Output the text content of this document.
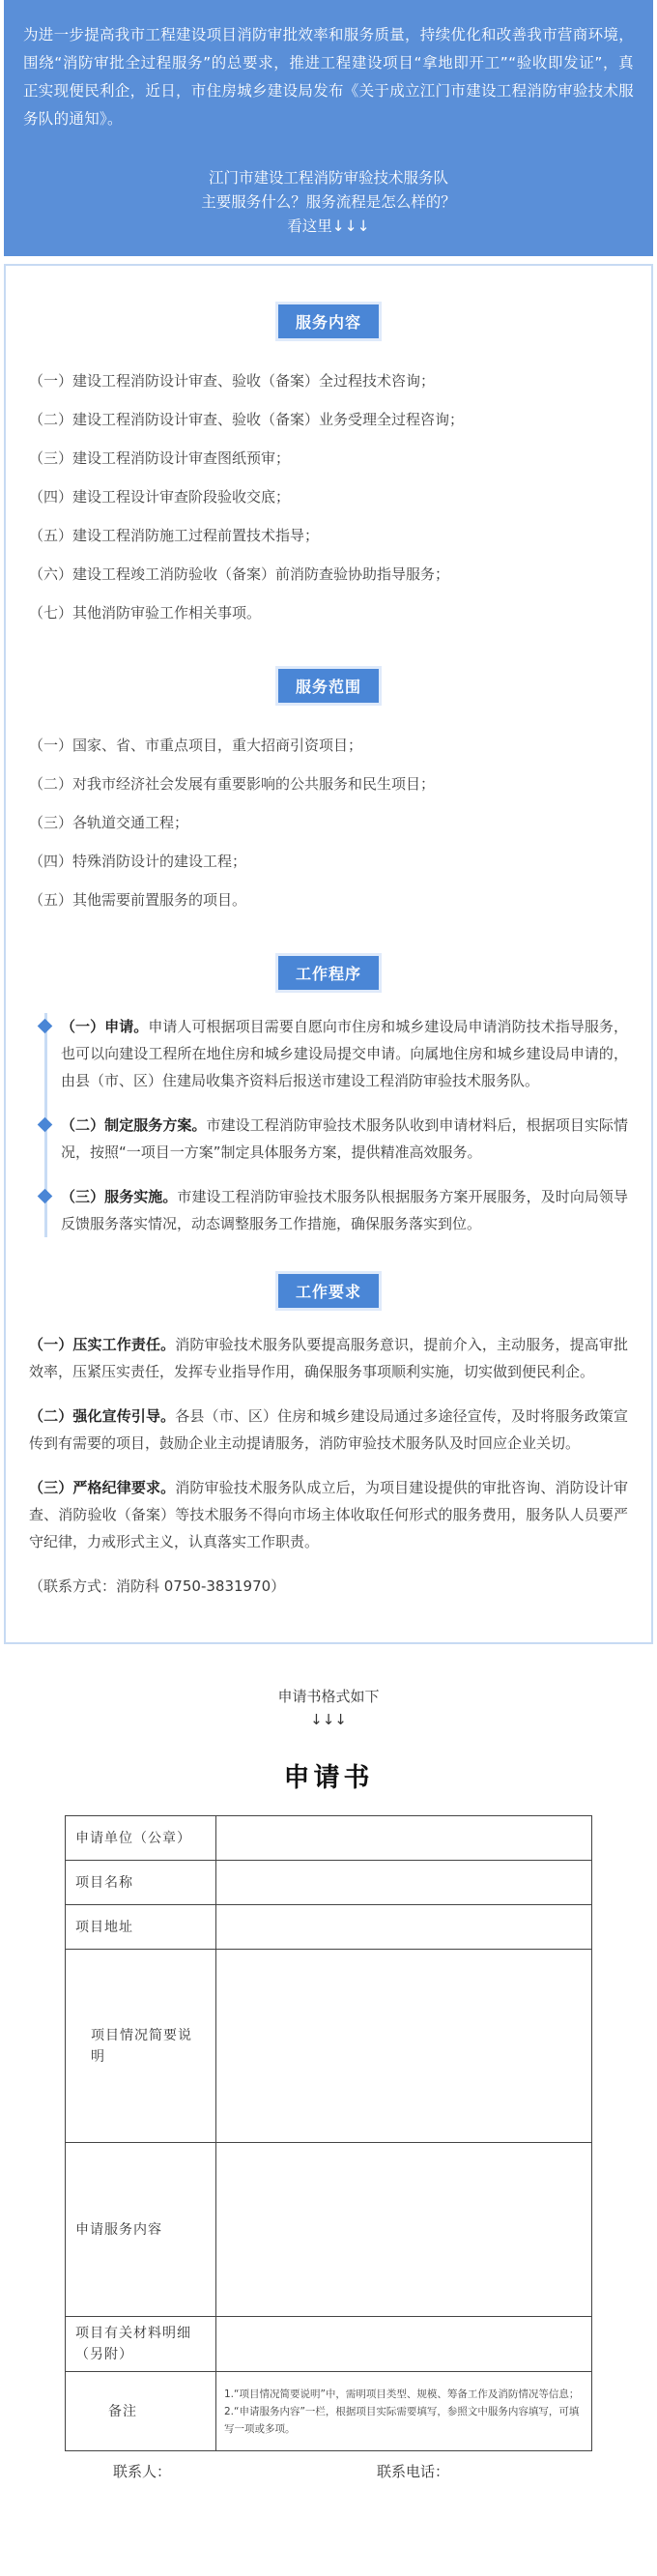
为进一步提高我市工程建设项目消防审批效率和服务质量，持续优化和改善我市营商环境，围绕“消防审批全过程服务”的总要求，推进工程建设项目“拿地即开工”“验收即发证”，真正实现便民利企，近日，市住房城乡建设局发布《关于成立江门市建设工程消防审验技术服务队的通知》。

江门市建设工程消防审验技术服务队
主要服务什么？服务流程是怎么样的？
看这里↓↓↓
服务内容
（一）建设工程消防设计审查、验收（备案）全过程技术咨询；
（二）建设工程消防设计审查、验收（备案）业务受理全过程咨询；
（三）建设工程消防设计审查图纸预审；
（四）建设工程设计审查阶段验收交底；
（五）建设工程消防施工过程前置技术指导；
（六）建设工程竣工消防验收（备案）前消防查验协助指导服务；
（七）其他消防审验工作相关事项。
服务范围
（一）国家、省、市重点项目，重大招商引资项目；
（二）对我市经济社会发展有重要影响的公共服务和民生项目；
（三）各轨道交通工程；
（四）特殊消防设计的建设工程；
（五）其他需要前置服务的项目。
工作程序
（一）申请。申请人可根据项目需要自愿向市住房和城乡建设局申请消防技术指导服务，也可以向建设工程所在地住房和城乡建设局提交申请。向属地住房和城乡建设局申请的，由县（市、区）住建局收集齐资料后报送市建设工程消防审验技术服务队。
（二）制定服务方案。市建设工程消防审验技术服务队收到申请材料后，根据项目实际情况，按照“一项目一方案”制定具体服务方案，提供精准高效服务。
（三）服务实施。市建设工程消防审验技术服务队根据服务方案开展服务，及时向局领导反馈服务落实情况，动态调整服务工作措施，确保服务落实到位。
工作要求

（一）压实工作责任。消防审验技术服务队要提高服务意识，提前介入，主动服务，提高审批效率，压紧压实责任，发挥专业指导作用，确保服务事项顺利实施，切实做到便民利企。

（二）强化宣传引导。各县（市、区）住房和城乡建设局通过多途径宣传，及时将服务政策宣传到有需要的项目，鼓励企业主动提请服务，消防审验技术服务队及时回应企业关切。

（三）严格纪律要求。消防审验技术服务队成立后，为项目建设提供的审批咨询、消防设计审查、消防验收（备案）等技术服务不得向市场主体收取任何形式的服务费用，服务队人员要严守纪律，力戒形式主义，认真落实工作职责。

（联系方式：消防科 0750-3831970）

申请书格式如下
↓↓↓
申请书
申请单位（公章）	
项目名称	
项目地址	
项目情况简要说明	
申请服务内容	
项目有关材料明细（另附）	
备注	1.“项目情况简要说明”中，需明项目类型、规模、筹备工作及消防情况等信息；
2.“申请服务内容”一栏，根据项目实际需要填写，参照文中服务内容填写，可填写一项或多项。
联系人：	联系电话：
